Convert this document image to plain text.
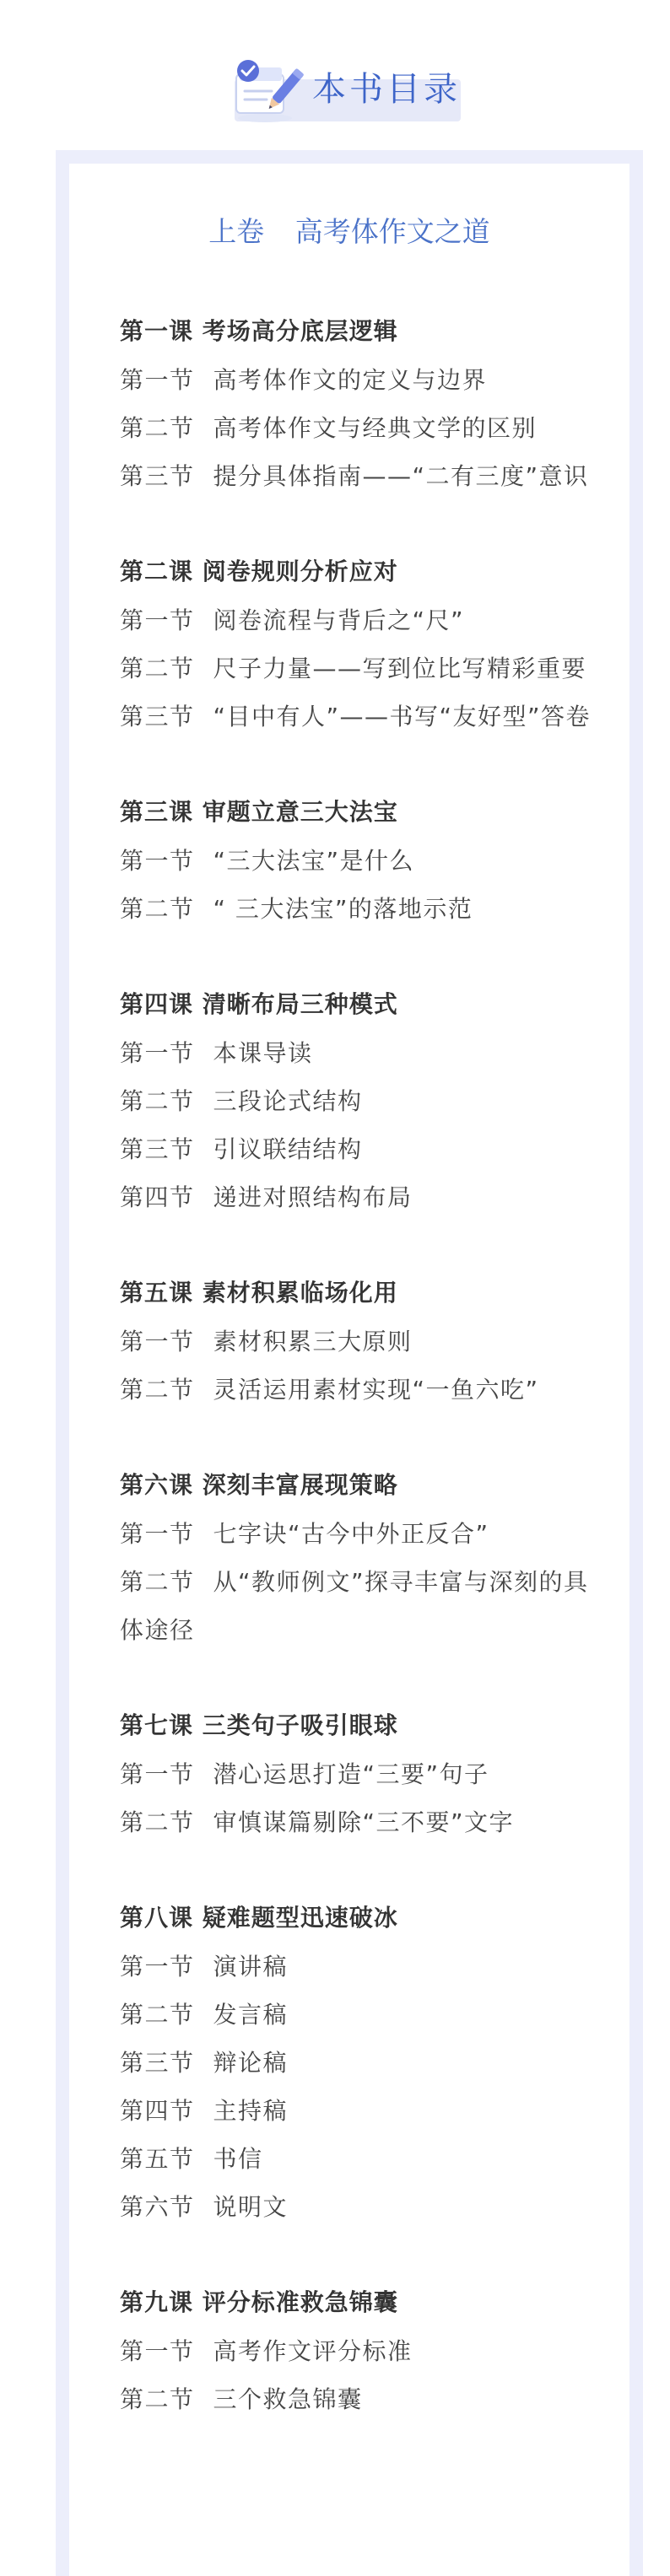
本书目录
上卷 高考体作文之道
第一课 考场高分底层逻辑
第一节 高考体作文的定义与边界
第二节 高考体作文与经典文学的区别
第三节 提分具体指南——“二有三度”意识
第二课 阅卷规则分析应对
第一节 阅卷流程与背后之“尺”
第二节 尺子力量——写到位比写精彩重要
第三节 “目中有人”——书写“友好型”答卷
第三课 审题立意三大法宝
第一节 “三大法宝”是什么
第二节 “ 三大法宝”的落地示范
第四课 清晰布局三种模式
第一节 本课导读
第二节 三段论式结构
第三节 引议联结结构
第四节 递进对照结构布局
第五课 素材积累临场化用
第一节 素材积累三大原则
第二节 灵活运用素材实现“一鱼六吃”
第六课 深刻丰富展现策略
第一节 七字诀“古今中外正反合”
第二节 从“教师例文”探寻丰富与深刻的具体途径
第七课 三类句子吸引眼球
第一节 潜心运思打造“三要”句子
第二节 审慎谋篇剔除“三不要”文字
第八课 疑难题型迅速破冰
第一节 演讲稿
第二节 发言稿
第三节 辩论稿
第四节 主持稿
第五节 书信
第六节 说明文
第九课 评分标准救急锦囊
第一节 高考作文评分标准
第二节 三个救急锦囊
